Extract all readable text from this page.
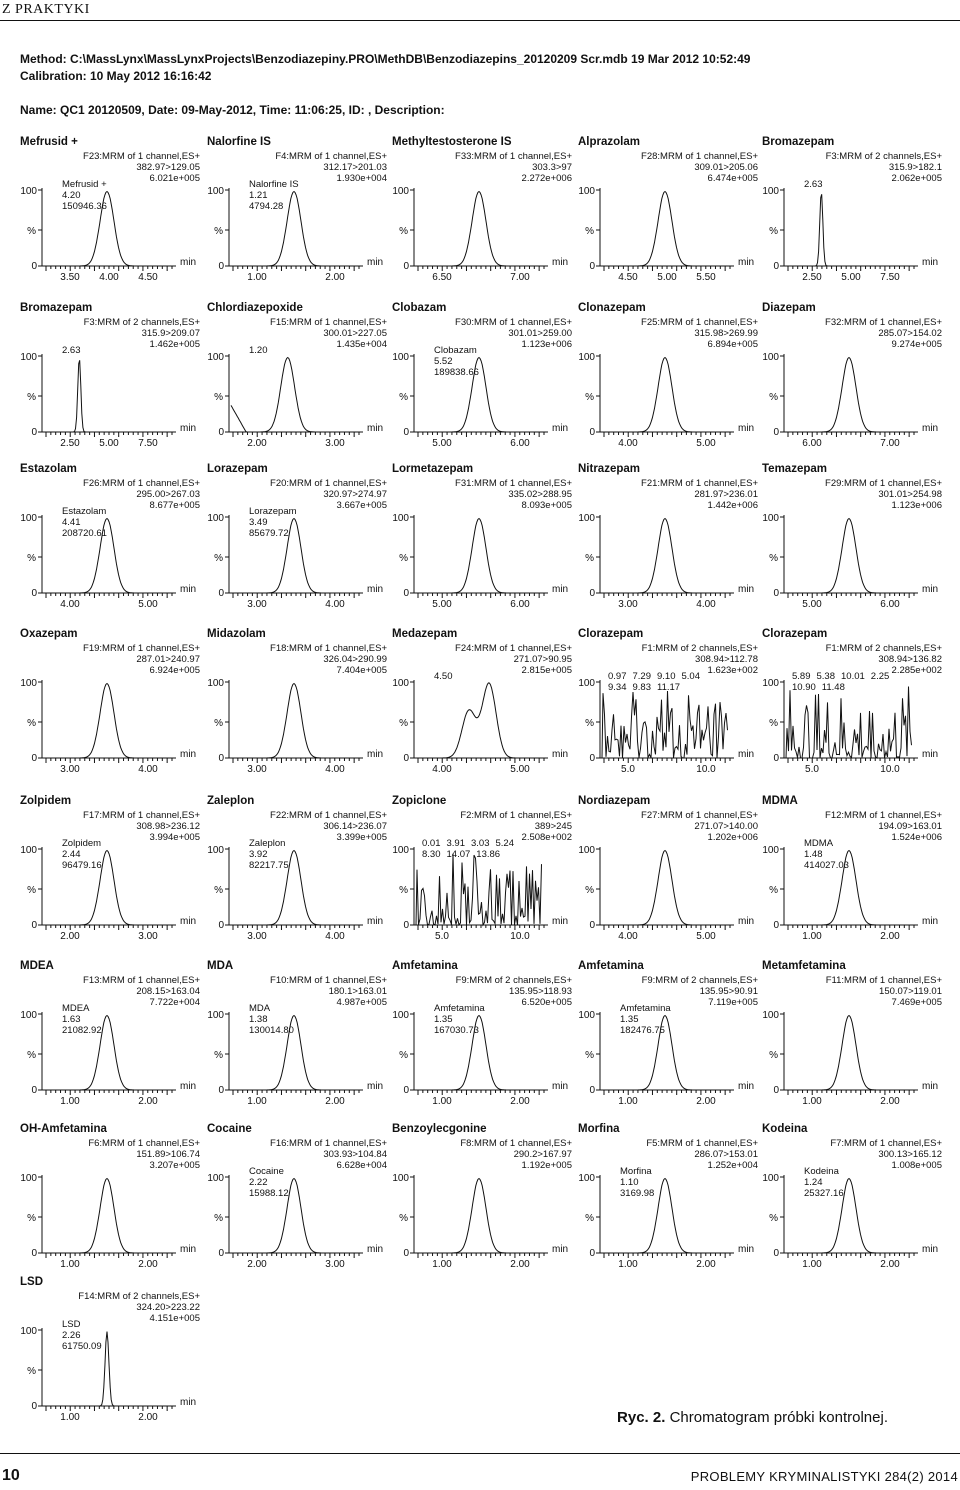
Z PRAKTYKI
Method: C:\MassLynx\MassLynxProjects\Benzodiazepiny.PRO\MethDB\Benzodiazepins_20120209 Scr.mdb 19 Mar 2012 10:52:49
Calibration: 10 May 2012 16:16:42
Name: QC1 20120509, Date: 09-May-2012, Time: 11:06:25, ID: , Description:
100
%
0	min
3.50 4.00 4.50
Mefrusid +
F23:MRM of 1 channel,ES+
382.97>129.05
6.021e+005
Mefrusid +
4.20
150946.36
100
%
0	min
1.00	2.00
Nalorfine IS
F4:MRM of 1 channel,ES+
312.17>201.03
1.930e+004
Nalorfine IS
1.21
4794.28
100
%
0	min
6.50	7.00
Methyltestosterone IS
F33:MRM of 1 channel,ES+
303.3>97
2.272e+006
100
%
0	min
4.50 5.00 5.50
Alprazolam
F28:MRM of 1 channel,ES+
309.01>205.06
6.474e+005
100
%
0	min
2.50 5.00 7.50
Bromazepam
F3:MRM of 2 channels,ES+
315.9>182.1
2.062e+005
2.63
100
%
0	min
2.50 5.00 7.50
Bromazepam
F3:MRM of 2 channels,ES+
315.9>209.07
1.462e+005
2.63
100
%
0	min
2.00	3.00
Chlordiazepoxide
F15:MRM of 1 channel,ES+
300.01>227.05
1.435e+004
1.20
100
%
0	min
5.00	6.00
Clobazam
F30:MRM of 1 channel,ES+
301.01>259.00
1.123e+006
Clobazam
5.52
189838.66
100
%
0	min
4.00	5.00
Clonazepam
F25:MRM of 1 channel,ES+
315.98>269.99
6.894e+005
100
%
0	min
6.00	7.00
Diazepam
F32:MRM of 1 channel,ES+
285.07>154.02
9.274e+005
100
%
0	min
4.00	5.00
Estazolam
F26:MRM of 1 channel,ES+
295.00>267.03
8.677e+005
Estazolam
4.41
208720.61
100
%
0	min
3.00	4.00
Lorazepam
F20:MRM of 1 channel,ES+
320.97>274.97
3.667e+005
Lorazepam
3.49
85679.72
100
%
0	min
5.00	6.00
Lormetazepam
F31:MRM of 1 channel,ES+
335.02>288.95
8.093e+005
100
%
0	min
3.00	4.00
Nitrazepam
F21:MRM of 1 channel,ES+
281.97>236.01
1.442e+006
100
%
0	min
5.00	6.00
Temazepam
F29:MRM of 1 channel,ES+
301.01>254.98
1.123e+006
100
%
0	min
3.00	4.00
Oxazepam
F19:MRM of 1 channel,ES+
287.01>240.97
6.924e+005
100
%
0	min
3.00	4.00
Midazolam
F18:MRM of 1 channel,ES+
326.04>290.99
7.404e+005
100
%
0	min
4.00	5.00
Medazepam
F24:MRM of 1 channel,ES+
271.07>90.95
2.815e+005
4.50
100
%
0	min
5.0	10.0
Clorazepam
F1:MRM of 2 channels,ES+
308.94>112.78
1.623e+002
0.97 7.29 9.10 5.049.34 9.83 11.17	100
%
0	min
5.0	10.0
Clorazepam
F1:MRM of 2 channels,ES+
308.94>136.82
2.285e+002
5.89 5.38 10.01 2.2510.90 11.48
100
%
0	min
2.00	3.00
Zolpidem
F17:MRM of 1 channel,ES+
308.98>236.12
3.994e+005
Zolpidem
2.44
96479.16
100
%
0	min
3.00	4.00
Zaleplon
F22:MRM of 1 channel,ES+
306.14>236.07
3.399e+005
Zaleplon
3.92
82217.75
100
%
0	min
5.0	10.0
Zopiclone
F2:MRM of 1 channel,ES+
389>245
2.508e+002
0.01 3.91 3.03 5.248.30 14.07 13.86	100
%
0	min
4.00	5.00
Nordiazepam
F27:MRM of 1 channel,ES+
271.07>140.00
1.202e+006
100
%
0	min
1.00	2.00
MDMA
F12:MRM of 1 channel,ES+
194.09>163.01
1.524e+006
MDMA
1.48
414027.03
100
%
0	min
1.00	2.00
MDEA
F13:MRM of 1 channel,ES+
208.15>163.04
7.722e+004
MDEA
1.63
21082.92
100
%
0	min
1.00	2.00
MDA
F10:MRM of 1 channel,ES+
180.1>163.01
4.987e+005
MDA
1.38
130014.80
100
%
0	min
1.00	2.00
Amfetamina
F9:MRM of 2 channels,ES+
135.95>118.93
6.520e+005
Amfetamina
1.35
167030.73
100
%
0	min
1.00	2.00
Amfetamina
F9:MRM of 2 channels,ES+
135.95>90.91
7.119e+005
Amfetamina
1.35
182476.75
100
%
0	min
1.00	2.00
Metamfetamina
F11:MRM of 1 channel,ES+
150.07>119.01
7.469e+005
100
%
0	min
1.00	2.00
OH-Amfetamina
F6:MRM of 1 channel,ES+
151.89>106.74
3.207e+005
100
%
0	min
2.00	3.00
Cocaine
F16:MRM of 1 channel,ES+
303.93>104.84
6.628e+004
Cocaine
2.22
15988.12
100
%
0	min
1.00	2.00
Benzoylecgonine
F8:MRM of 1 channel,ES+
290.2>167.97
1.192e+005
100
%
0	min
1.00	2.00
Morfina
F5:MRM of 1 channel,ES+
286.07>153.01
1.252e+004
Morfina
1.10
3169.98
100
%
0	min
1.00	2.00
Kodeina
F7:MRM of 1 channel,ES+
300.13>165.12
1.008e+005
Kodeina
1.24
25327.16
100
%
0	min
1.00	2.00
LSD
F14:MRM of 2 channels,ES+
324.20>223.22
4.151e+005
LSD
2.26
61750.09
Ryc. 2. Chromatogram próbki kontrolnej.
10	PROBLEMY KRYMINALISTYKI 284(2) 2014
